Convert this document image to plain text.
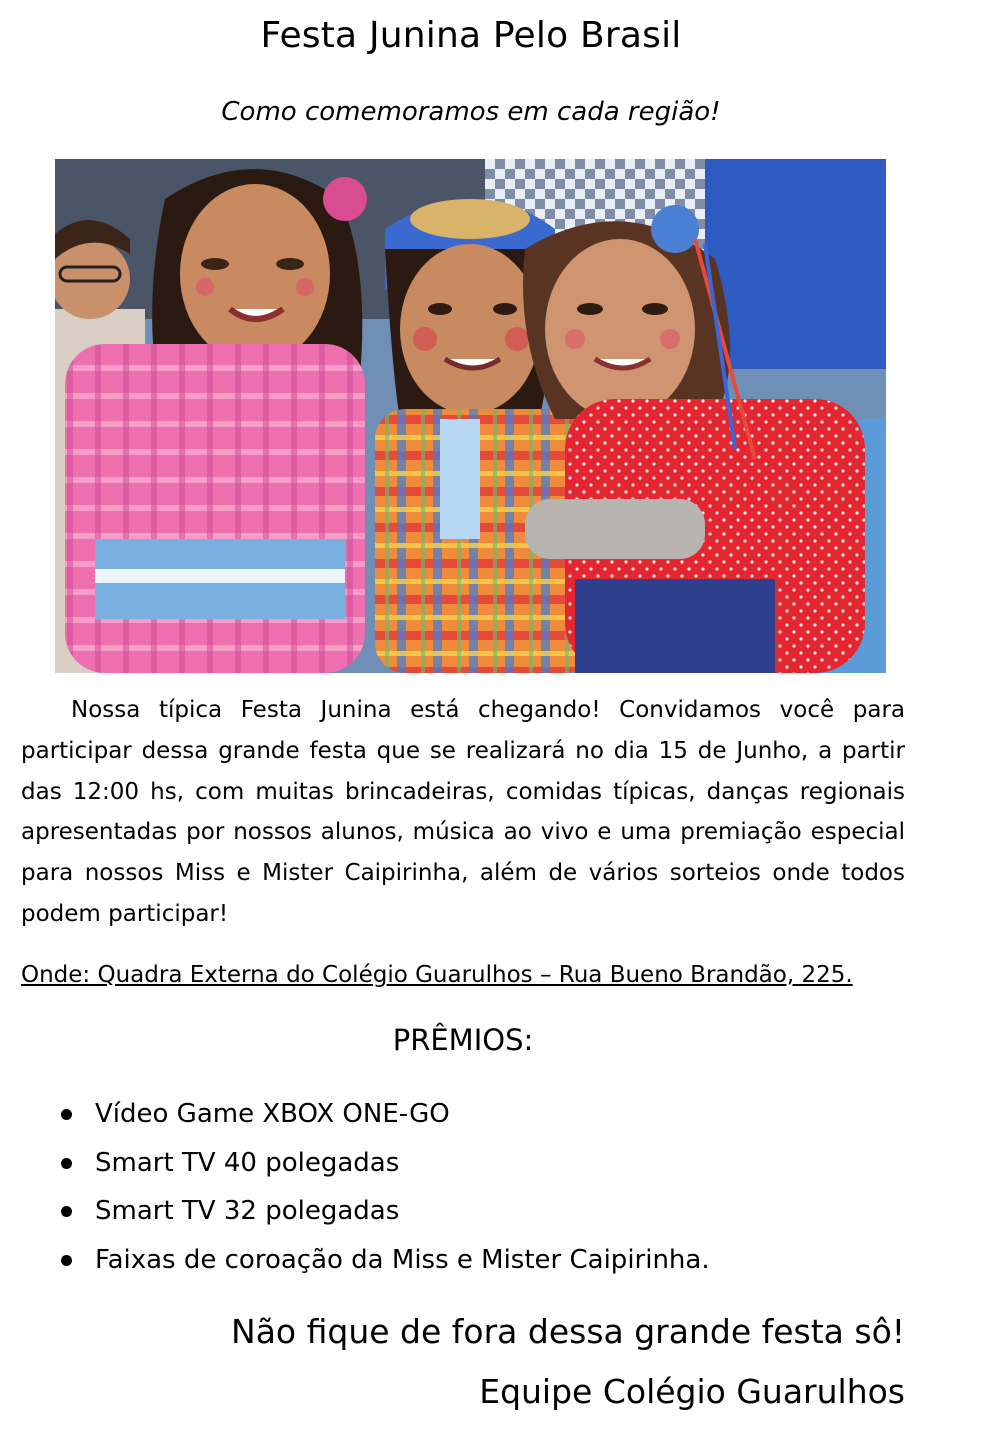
Festa Junina Pelo Brasil
Como comemoramos em cada região!

Nossa típica Festa Junina está chegando! Convidamos você para participar dessa grande festa que se realizará no dia 15 de Junho, a partir das 12:00 hs, com muitas brincadeiras, comidas típicas, danças regionais apresentadas por nossos alunos, música ao vivo e uma premiação especial para nossos Miss e Mister Caipirinha, além de vários sorteios onde todos podem participar!

Onde: Quadra Externa do Colégio Guarulhos – Rua Bueno Brandão, 225.

PRÊMIOS:
Vídeo Game XBOX ONE-GO
Smart TV 40 polegadas
Smart TV 32 polegadas
Faixas de coroação da Miss e Mister Caipirinha.
Não fique de fora dessa grande festa sô!
Equipe Colégio Guarulhos
